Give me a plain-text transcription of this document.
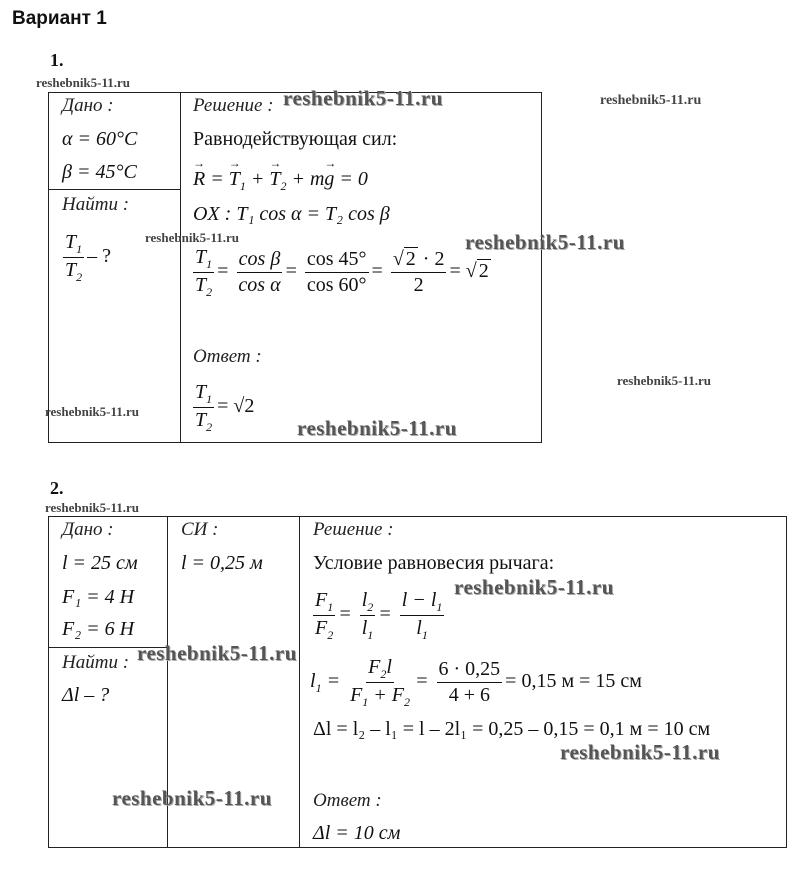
Вариант 1
1.
Дано :
α = 60°C
β = 45°C
Найти :
$\frac{T_1}{T_2}$ – ?
Решение :
Равнодействующая сил:
→ R = → $T_1$ + → $T_2 + m\to g = 0$
OX : T₁ cos α = T₂ cos β
$\frac{T_1}{T_2} = \frac{\text{cos β}}{\text{cos α}} = \frac{\cos 45^\circ}{\cos 60^\circ} = \frac{√ 2 \cdot 2}{2}$ = √ 2
Ответ :
$\frac{T_1}{T_2} = √2$
2.
Дано :
l = 25 см
F₁ = 4 Н
F₂ = 6 Н
Найти :
Δl – ?
СИ :
l = 0,25 м
Решение :
Условие равновесия рычага:
$\frac{F_1}{F_2} = \frac{l_2}{l_1} = \frac{l - l_1}{l_1}$
$l_1 = \frac{F_2l}{F_1 + F_2} = \frac{6 \cdot 0,25}{4 + 6} = 0,15$ м = 15 см
Δl = l₂ – l₁ = l – 2l₁ = 0,25 – 0,15 = 0,1 м = 10 см
Ответ :
Δl = 10 см
reshebnik5-11.ru
reshebnik5-11.ru	reshebnik5-11.ru
reshebnik5-11.ru	reshebnik5-11.ru
reshebnik5-11.ru
reshebnik5-11.ru
reshebnik5-11.ru
reshebnik5-11.ru
reshebnik5-11.ru
reshebnik5-11.ru
reshebnik5-11.ru
reshebnik5-11.ru
